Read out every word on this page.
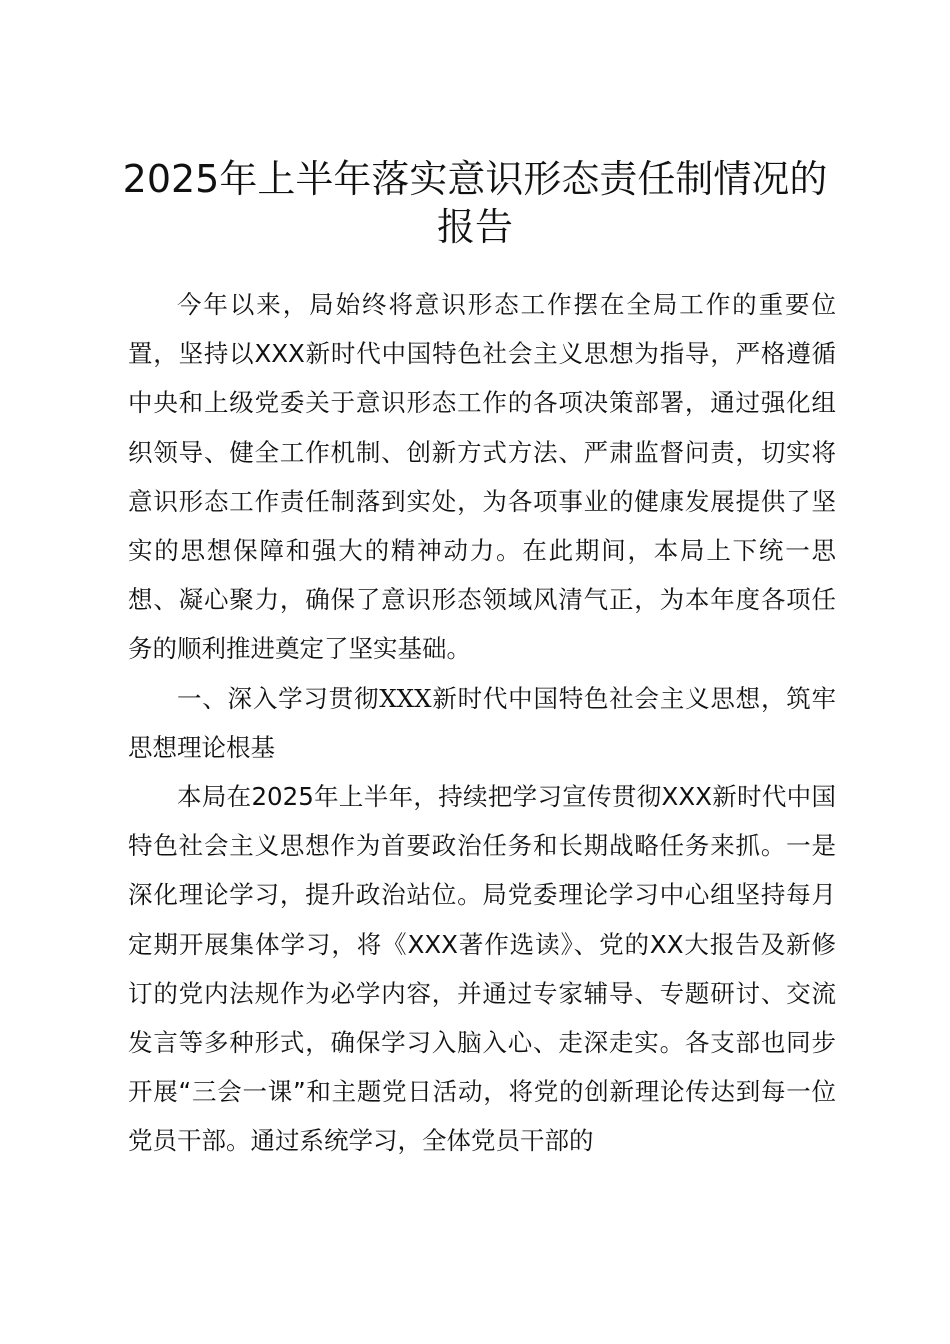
2025年上半年落实意识形态责任制情况的报告

今年以来，局始终将意识形态工作摆在全局工作的重要位置，坚持以XXX新时代中国特色社会主义思想为指导，严格遵循中央和上级党委关于意识形态工作的各项决策部署，通过强化组织领导、健全工作机制、创新方式方法、严肃监督问责，切实将意识形态工作责任制落到实处，为各项事业的健康发展提供了坚实的思想保障和强大的精神动力。在此期间，本局上下统一思想、凝心聚力，确保了意识形态领域风清气正，为本年度各项任务的顺利推进奠定了坚实基础。

一、深入学习贯彻XXX新时代中国特色社会主义思想，筑牢思想理论根基

本局在2025年上半年，持续把学习宣传贯彻XXX新时代中国特色社会主义思想作为首要政治任务和长期战略任务来抓。一是深化理论学习，提升政治站位。局党委理论学习中心组坚持每月定期开展集体学习，将《XXX著作选读》、党的XX大报告及新修订的党内法规作为必学内容，并通过专家辅导、专题研讨、交流发言等多种形式，确保学习入脑入心、走深走实。各支部也同步开展“三会一课”和主题党日活动，将党的创新理论传达到每一位党员干部。通过系统学习，全体党员干部的
